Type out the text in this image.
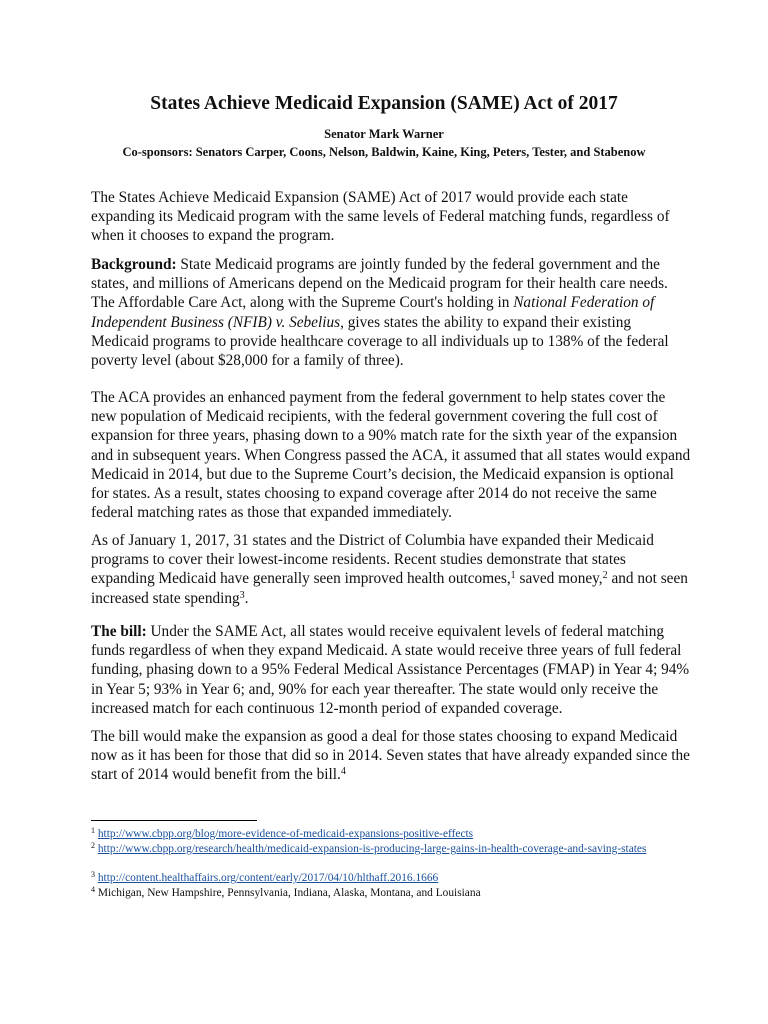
States Achieve Medicaid Expansion (SAME) Act of 2017
Senator Mark Warner
Co-sponsors: Senators Carper, Coons, Nelson, Baldwin, Kaine, King, Peters, Tester, and Stabenow

The States Achieve Medicaid Expansion (SAME) Act of 2017 would provide each state expanding its Medicaid program with the same levels of Federal matching funds, regardless of when it chooses to expand the program.

Background: State Medicaid programs are jointly funded by the federal government and the states, and millions of Americans depend on the Medicaid program for their health care needs. The Affordable Care Act, along with the Supreme Court's holding in National Federation of Independent Business (NFIB) v. Sebelius, gives states the ability to expand their existing Medicaid programs to provide healthcare coverage to all individuals up to 138% of the federal poverty level (about $28,000 for a family of three).

The ACA provides an enhanced payment from the federal government to help states cover the new population of Medicaid recipients, with the federal government covering the full cost of expansion for three years, phasing down to a 90% match rate for the sixth year of the expansion and in subsequent years. When Congress passed the ACA, it assumed that all states would expand Medicaid in 2014, but due to the Supreme Court’s decision, the Medicaid expansion is optional for states. As a result, states choosing to expand coverage after 2014 do not receive the same federal matching rates as those that expanded immediately.

As of January 1, 2017, 31 states and the District of Columbia have expanded their Medicaid programs to cover their lowest-income residents. Recent studies demonstrate that states expanding Medicaid have generally seen improved health outcomes,$^1$ saved money,$^2$ and not seen increased state spending$^3$.

The bill: Under the SAME Act, all states would receive equivalent levels of federal matching funds regardless of when they expand Medicaid. A state would receive three years of full federal funding, phasing down to a 95% Federal Medical Assistance Percentages (FMAP) in Year 4; 94% in Year 5; 93% in Year 6; and, 90% for each year thereafter. The state would only receive the increased match for each continuous 12-month period of expanded coverage.

The bill would make the expansion as good a deal for those states choosing to expand Medicaid now as it has been for those that did so in 2014. Seven states that have already expanded since the start of 2014 would benefit from the bill.$^4$

$^1$ http://www.cbpp.org/blog/more-evidence-of-medicaid-expansions-positive-effects
$^2$ http://www.cbpp.org/research/health/medicaid-expansion-is-producing-large-gains-in-health-coverage-and-saving-states
$^3$ http://content.healthaffairs.org/content/early/2017/04/10/hlthaff.2016.1666
$^4$ Michigan, New Hampshire, Pennsylvania, Indiana, Alaska, Montana, and Louisiana
